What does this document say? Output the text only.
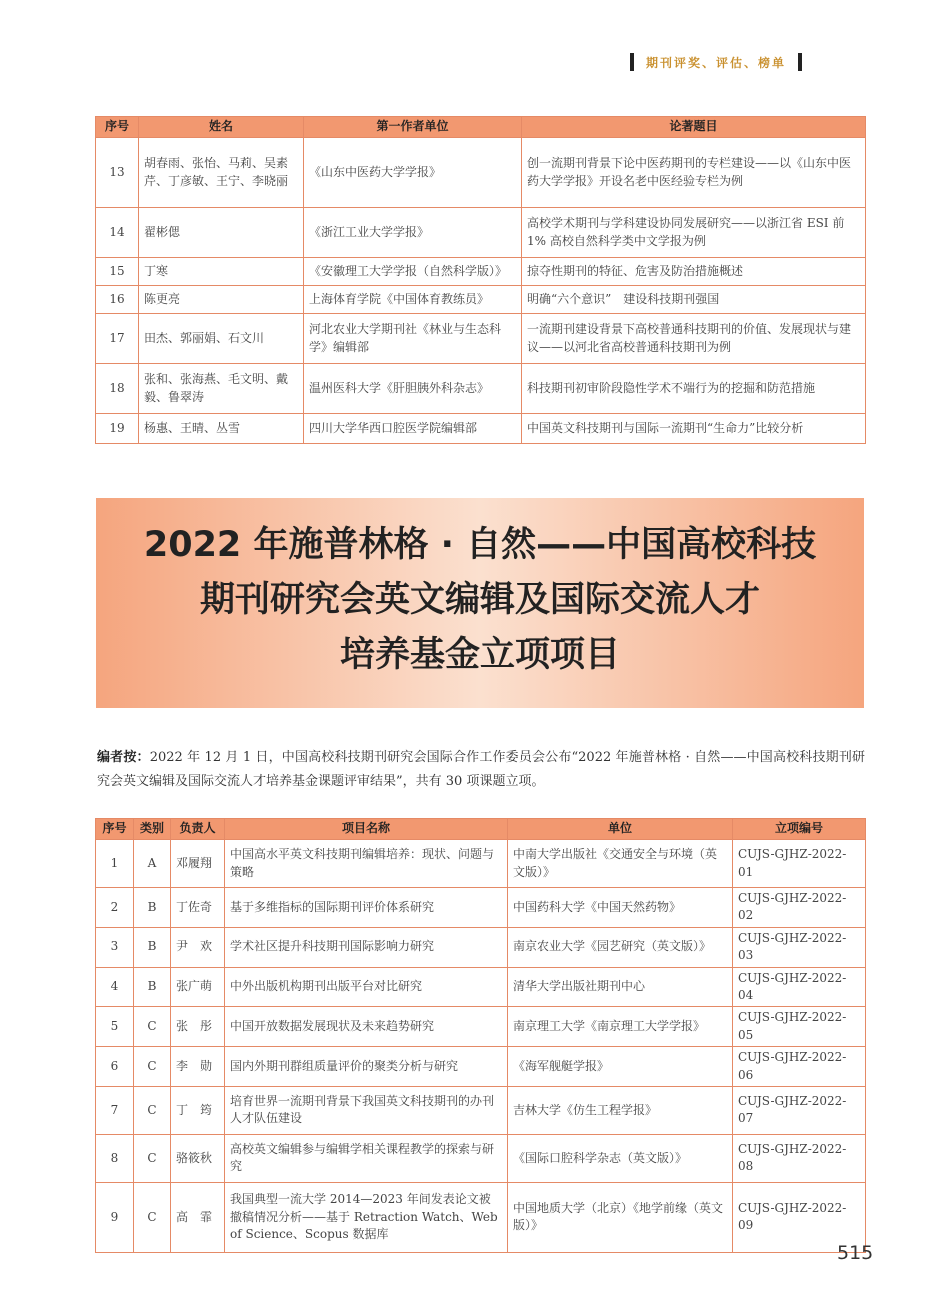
期刊评奖、评估、榜单
序号	姓名	第一作者单位	论著题目
13	胡春雨、张怡、马莉、吴素芹、丁彦敏、王宁、李晓丽	《山东中医药大学学报》	创一流期刊背景下论中医药期刊的专栏建设——以《山东中医药大学学报》开设名老中医经验专栏为例
14	翟彬偲	《浙江工业大学学报》	高校学术期刊与学科建设协同发展研究——以浙江省 ESI 前 1% 高校自然科学类中文学报为例
15	丁寒	《安徽理工大学学报（自然科学版）》	掠夺性期刊的特征、危害及防治措施概述
16	陈更亮	上海体育学院《中国体育教练员》	明确“六个意识”　建设科技期刊强国
17	田杰、郭丽娟、石文川	河北农业大学期刊社《林业与生态科学》编辑部	一流期刊建设背景下高校普通科技期刊的价值、发展现状与建议——以河北省高校普通科技期刊为例
18	张和、张海燕、毛文明、戴毅、鲁翠涛	温州医科大学《肝胆胰外科杂志》	科技期刊初审阶段隐性学术不端行为的挖掘和防范措施
19	杨惠、王晴、丛雪	四川大学华西口腔医学院编辑部	中国英文科技期刊与国际一流期刊“生命力”比较分析
2022 年施普林格 · 自然——中国高校科技
期刊研究会英文编辑及国际交流人才
培养基金立项项目
编者按：2022 年 12 月 1 日，中国高校科技期刊研究会国际合作工作委员会公布“2022 年施普林格 · 自然——中国高校科技期刊研究会英文编辑及国际交流人才培养基金课题评审结果”，共有 30 项课题立项。
序号	类别	负责人	项目名称	单位	立项编号
1	A	邓履翔	中国高水平英文科技期刊编辑培养：现状、问题与策略	中南大学出版社《交通安全与环境（英文版）》	CUJS-GJHZ-2022-01
2	B	丁佐奇	基于多维指标的国际期刊评价体系研究	中国药科大学《中国天然药物》	CUJS-GJHZ-2022-02
3	B	尹　欢	学术社区提升科技期刊国际影响力研究	南京农业大学《园艺研究（英文版）》	CUJS-GJHZ-2022-03
4	B	张广萌	中外出版机构期刊出版平台对比研究	清华大学出版社期刊中心	CUJS-GJHZ-2022-04
5	C	张　彤	中国开放数据发展现状及未来趋势研究	南京理工大学《南京理工大学学报》	CUJS-GJHZ-2022-05
6	C	李　勋	国内外期刊群组质量评价的聚类分析与研究	《海军舰艇学报》	CUJS-GJHZ-2022-06
7	C	丁　筠	培育世界一流期刊背景下我国英文科技期刊的办刊人才队伍建设	吉林大学《仿生工程学报》	CUJS-GJHZ-2022-07
8	C	骆筱秋	高校英文编辑参与编辑学相关课程教学的探索与研究	《国际口腔科学杂志（英文版）》	CUJS-GJHZ-2022-08
9	C	高　霏	我国典型一流大学 2014—2023 年间发表论文被撤稿情况分析——基于 Retraction Watch、Web of Science、Scopus 数据库	中国地质大学（北京）《地学前缘（英文版）》	CUJS-GJHZ-2022-09
515
